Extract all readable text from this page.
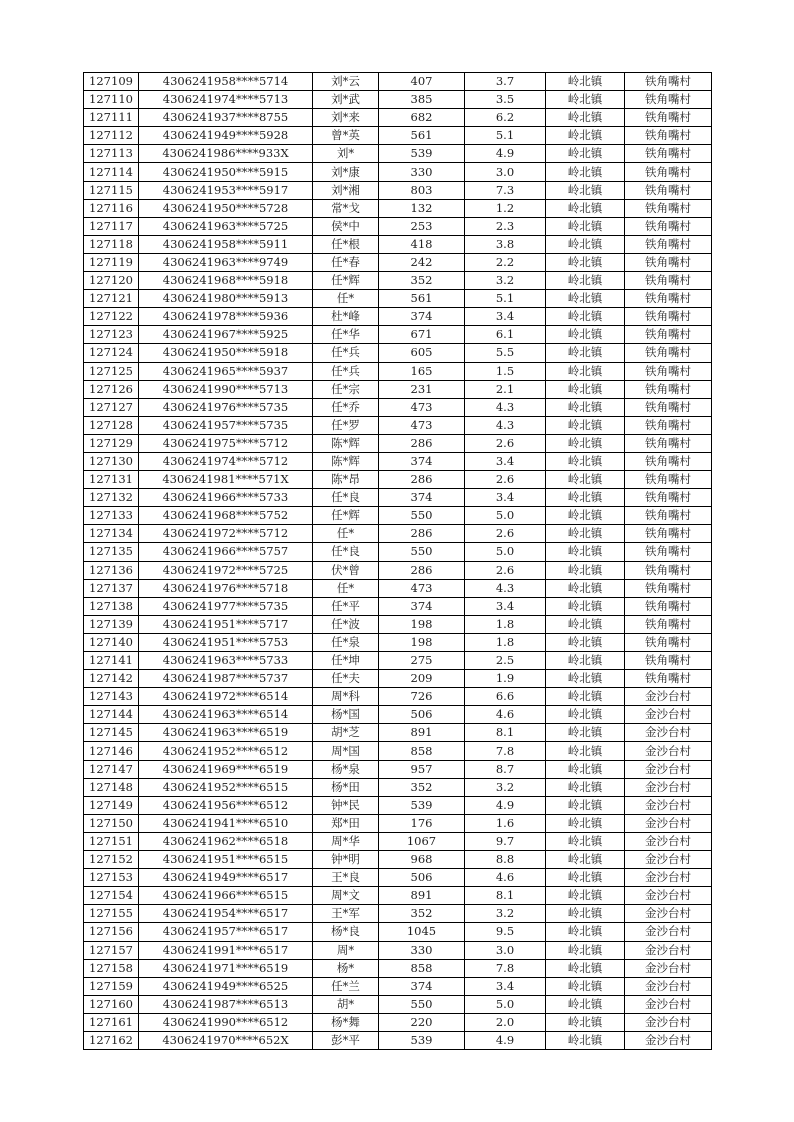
127109	4306241958****5714	刘*云	407	3.7	岭北镇	铁角嘴村
127110	4306241974****5713	刘*武	385	3.5	岭北镇	铁角嘴村
127111	4306241937****8755	刘*来	682	6.2	岭北镇	铁角嘴村
127112	4306241949****5928	曾*英	561	5.1	岭北镇	铁角嘴村
127113	4306241986****933X	刘*	539	4.9	岭北镇	铁角嘴村
127114	4306241950****5915	刘*康	330	3.0	岭北镇	铁角嘴村
127115	4306241953****5917	刘*湘	803	7.3	岭北镇	铁角嘴村
127116	4306241950****5728	常*戈	132	1.2	岭北镇	铁角嘴村
127117	4306241963****5725	侯*中	253	2.3	岭北镇	铁角嘴村
127118	4306241958****5911	任*根	418	3.8	岭北镇	铁角嘴村
127119	4306241963****9749	任*春	242	2.2	岭北镇	铁角嘴村
127120	4306241968****5918	任*辉	352	3.2	岭北镇	铁角嘴村
127121	4306241980****5913	任*	561	5.1	岭北镇	铁角嘴村
127122	4306241978****5936	杜*峰	374	3.4	岭北镇	铁角嘴村
127123	4306241967****5925	任*华	671	6.1	岭北镇	铁角嘴村
127124	4306241950****5918	任*兵	605	5.5	岭北镇	铁角嘴村
127125	4306241965****5937	任*兵	165	1.5	岭北镇	铁角嘴村
127126	4306241990****5713	任*宗	231	2.1	岭北镇	铁角嘴村
127127	4306241976****5735	任*乔	473	4.3	岭北镇	铁角嘴村
127128	4306241957****5735	任*罗	473	4.3	岭北镇	铁角嘴村
127129	4306241975****5712	陈*辉	286	2.6	岭北镇	铁角嘴村
127130	4306241974****5712	陈*辉	374	3.4	岭北镇	铁角嘴村
127131	4306241981****571X	陈*昂	286	2.6	岭北镇	铁角嘴村
127132	4306241966****5733	任*良	374	3.4	岭北镇	铁角嘴村
127133	4306241968****5752	任*辉	550	5.0	岭北镇	铁角嘴村
127134	4306241972****5712	任*	286	2.6	岭北镇	铁角嘴村
127135	4306241966****5757	任*良	550	5.0	岭北镇	铁角嘴村
127136	4306241972****5725	伏*曾	286	2.6	岭北镇	铁角嘴村
127137	4306241976****5718	任*	473	4.3	岭北镇	铁角嘴村
127138	4306241977****5735	任*平	374	3.4	岭北镇	铁角嘴村
127139	4306241951****5717	任*波	198	1.8	岭北镇	铁角嘴村
127140	4306241951****5753	任*泉	198	1.8	岭北镇	铁角嘴村
127141	4306241963****5733	任*坤	275	2.5	岭北镇	铁角嘴村
127142	4306241987****5737	任*夫	209	1.9	岭北镇	铁角嘴村
127143	4306241972****6514	周*科	726	6.6	岭北镇	金沙台村
127144	4306241963****6514	杨*国	506	4.6	岭北镇	金沙台村
127145	4306241963****6519	胡*芝	891	8.1	岭北镇	金沙台村
127146	4306241952****6512	周*国	858	7.8	岭北镇	金沙台村
127147	4306241969****6519	杨*泉	957	8.7	岭北镇	金沙台村
127148	4306241952****6515	杨*田	352	3.2	岭北镇	金沙台村
127149	4306241956****6512	钟*民	539	4.9	岭北镇	金沙台村
127150	4306241941****6510	郑*田	176	1.6	岭北镇	金沙台村
127151	4306241962****6518	周*华	1067	9.7	岭北镇	金沙台村
127152	4306241951****6515	钟*明	968	8.8	岭北镇	金沙台村
127153	4306241949****6517	王*良	506	4.6	岭北镇	金沙台村
127154	4306241966****6515	周*文	891	8.1	岭北镇	金沙台村
127155	4306241954****6517	王*军	352	3.2	岭北镇	金沙台村
127156	4306241957****6517	杨*良	1045	9.5	岭北镇	金沙台村
127157	4306241991****6517	周*	330	3.0	岭北镇	金沙台村
127158	4306241971****6519	杨*	858	7.8	岭北镇	金沙台村
127159	4306241949****6525	任*兰	374	3.4	岭北镇	金沙台村
127160	4306241987****6513	胡*	550	5.0	岭北镇	金沙台村
127161	4306241990****6512	杨*舞	220	2.0	岭北镇	金沙台村
127162	4306241970****652X	彭*平	539	4.9	岭北镇	金沙台村
